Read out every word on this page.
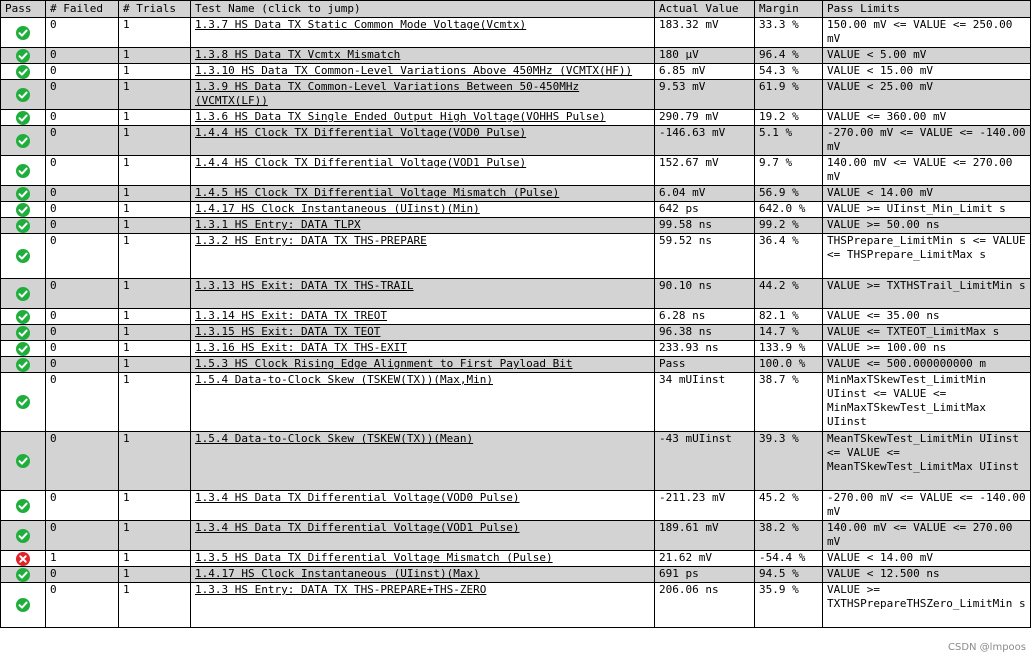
Pass	# Failed	# Trials	Test Name (click to jump)	Actual Value	Margin	Pass Limits

	0	1	1.3.7 HS Data TX Static Common Mode Voltage(Vcmtx)	183.32 mV	33.3 %	150.00 mV <= VALUE <= 250.00 mV

	0	1	1.3.8 HS Data TX Vcmtx Mismatch	180 µV	96.4 %	VALUE < 5.00 mV

	0	1	1.3.10 HS Data TX Common-Level Variations Above 450MHz (VCMTX(HF))	6.85 mV	54.3 %	VALUE < 15.00 mV

	0	1	1.3.9 HS Data TX Common-Level Variations Between 50-450MHz (VCMTX(LF))	9.53 mV	61.9 %	VALUE < 25.00 mV

	0	1	1.3.6 HS Data TX Single Ended Output High Voltage(VOHHS Pulse)	290.79 mV	19.2 %	VALUE <= 360.00 mV

	0	1	1.4.4 HS Clock TX Differential Voltage(VOD0 Pulse)	-146.63 mV	5.1 %	-270.00 mV <= VALUE <= -140.00 mV

	0	1	1.4.4 HS Clock TX Differential Voltage(VOD1 Pulse)	152.67 mV	9.7 %	140.00 mV <= VALUE <= 270.00 mV

	0	1	1.4.5 HS Clock TX Differential Voltage Mismatch (Pulse)	6.04 mV	56.9 %	VALUE < 14.00 mV

	0	1	1.4.17 HS Clock Instantaneous (UIinst)(Min)	642 ps	642.0 %	VALUE >= UIinst_Min_Limit s

	0	1	1.3.1 HS Entry: DATA TLPX	99.58 ns	99.2 %	VALUE >= 50.00 ns

	0	1	1.3.2 HS Entry: DATA TX THS-PREPARE	59.52 ns	36.4 %	THSPrepare_LimitMin s <= VALUE <= THSPrepare_LimitMax s

	0	1	1.3.13 HS Exit: DATA TX THS-TRAIL	90.10 ns	44.2 %	VALUE >= TXTHSTrail_LimitMin s

	0	1	1.3.14 HS Exit: DATA TX TREOT	6.28 ns	82.1 %	VALUE <= 35.00 ns

	0	1	1.3.15 HS Exit: DATA TX TEOT	96.38 ns	14.7 %	VALUE <= TXTEOT_LimitMax s

	0	1	1.3.16 HS Exit: DATA TX THS-EXIT	233.93 ns	133.9 %	VALUE >= 100.00 ns

	0	1	1.5.3 HS Clock Rising Edge Alignment to First Payload Bit	Pass	100.0 %	VALUE <= 500.000000000 m

	0	1	1.5.4 Data-to-Clock Skew (TSKEW(TX))(Max,Min)	34 mUIinst	38.7 %	MinMaxTSkewTest_LimitMin UIinst <= VALUE <= MinMaxTSkewTest_LimitMax UIinst

	0	1	1.5.4 Data-to-Clock Skew (TSKEW(TX))(Mean)	-43 mUIinst	39.3 %	MeanTSkewTest_LimitMin UIinst <= VALUE <= MeanTSkewTest_LimitMax UIinst

	0	1	1.3.4 HS Data TX Differential Voltage(VOD0 Pulse)	-211.23 mV	45.2 %	-270.00 mV <= VALUE <= -140.00 mV

	0	1	1.3.4 HS Data TX Differential Voltage(VOD1 Pulse)	189.61 mV	38.2 %	140.00 mV <= VALUE <= 270.00 mV

	1	1	1.3.5 HS Data TX Differential Voltage Mismatch (Pulse)	21.62 mV	-54.4 %	VALUE < 14.00 mV

	0	1	1.4.17 HS Clock Instantaneous (UIinst)(Max)	691 ps	94.5 %	VALUE < 12.500 ns

	0	1	1.3.3 HS Entry: DATA TX THS-PREPARE+THS-ZERO	206.06 ns	35.9 %	VALUE >= TXTHSPrepareTHSZero_LimitMin s
CSDN @lmpoos
